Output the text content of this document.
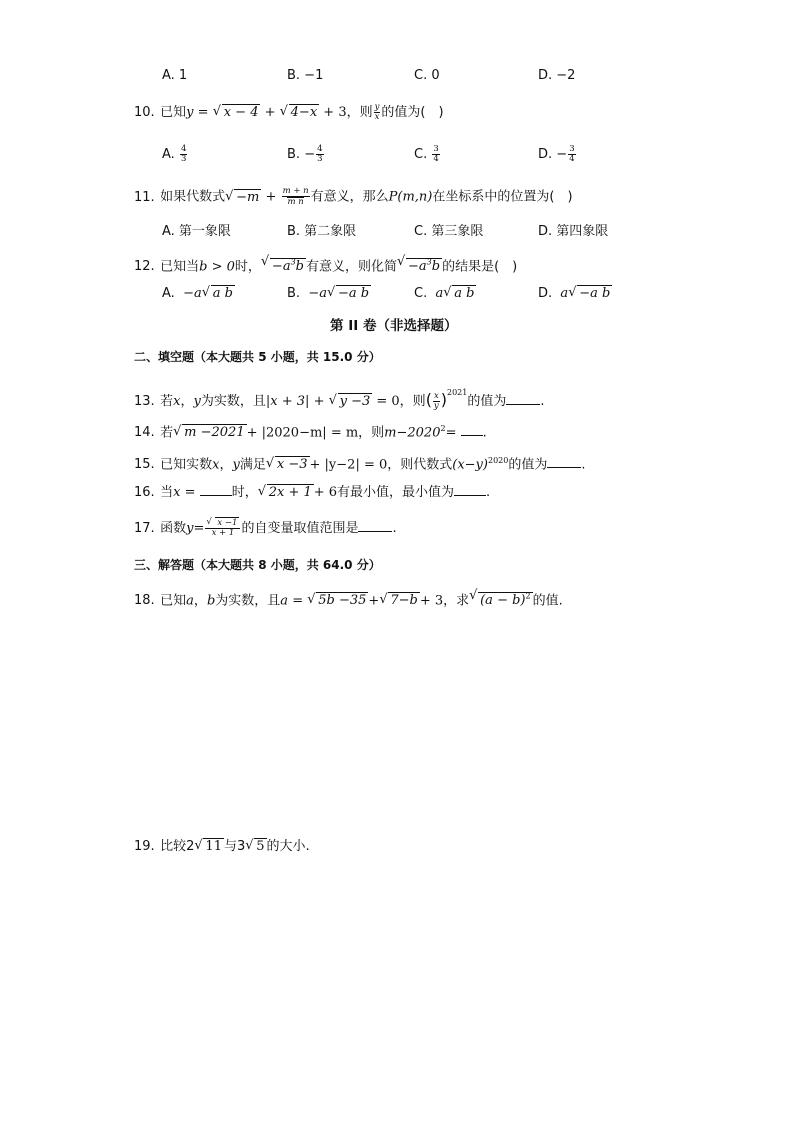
A. 1	B. −1	C. 0	D. −2
10. 已知y = √ x − 4 + √ 4−x + 3，则 $\frac{y}{x}$ 的值为(　)
A. $\frac{4}{3}$	B. − $\frac{4}{3}$	C. $\frac{3}{4}$	D. − $\frac{3}{4}$
11. 如果代数式 √ $-m + \frac{m + n}{\text{m n}}$ 有意义，那么P(m,n)在坐标系中的位置为(　)
A. 第一象限	B. 第二象限	C. 第三象限	D. 第四象限
12. 已知当b > 0时， √ $-a^3b$ 有意义，则化简 √ $-a^3b$ 的结果是(　)
A. −a √ a b	B. −a √ −a b	C. a √ a b	D. a √ −a b
第 II 卷（非选择题）
二、填空题（本大题共 5 小题，共 15.0 分）
13. 若x，y为实数，且|x + 3| + √ y −3 = 0，则( $\frac{x}{y} )^{2021}$的值为	.
14. 若 √ m −2021 + |2020−m| = m，则$m-2020^2=$ .
15. 已知实数x，y满足 √ x −3 + |y−2| = 0，则代数式$(x-y)^{2020}$的值为	.
16. 当x =	时， √ 2x + 1 + 6有最小值，最小值为 .
17. 函数y= √ $\frac{x -1}{x + 1}$ 的自变量取值范围是	.
三、解答题（本大题共 8 小题，共 64.0 分）
18. 已知a，b为实数，且a = √ 5b −35 + √ 7−b + 3，求 √ $(a - b)^2$ 的值.
19. 比较2 √ 11 与3 √ 5 的大小.
